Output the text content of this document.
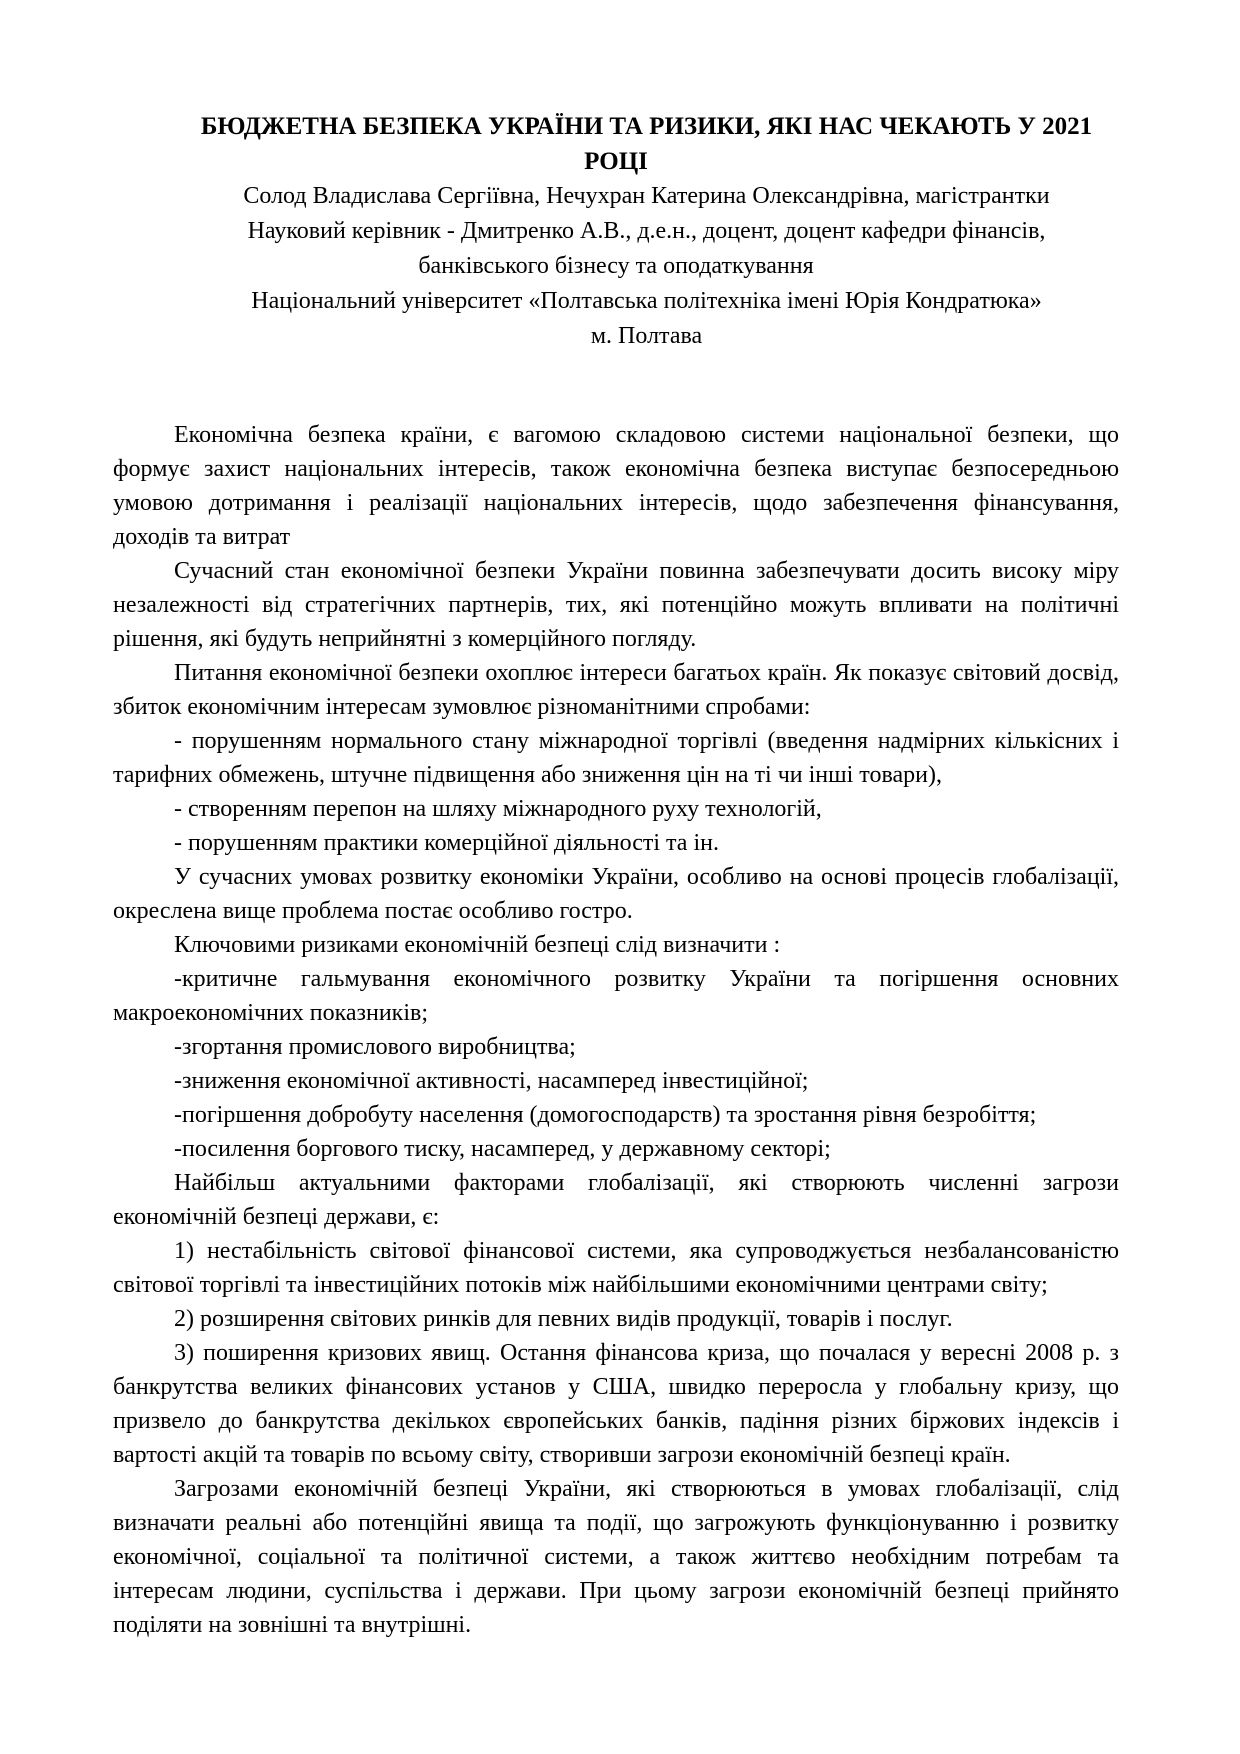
БЮДЖЕТНА БЕЗПЕКА УКРАЇНИ ТА РИЗИКИ, ЯКІ НАС ЧЕКАЮТЬ У 2021
РОЦІ
Солод Владислава Сергіївна, Нечухран Катерина Олександрівна, магістрантки
Науковий керівник - Дмитренко А.В., д.е.н., доцент, доцент кафедри фінансів,
банківського бізнесу та оподаткування
Національний університет «Полтавська політехніка імені Юрія Кондратюка»
м. Полтава

Економічна безпека країни, є вагомою складовою системи національної безпеки, що формує захист національних інтересів, також економічна безпека виступає безпосередньою умовою дотримання і реалізації національних інтересів, щодо забезпечення фінансування, доходів та витрат

Сучасний стан економічної безпеки України повинна забезпечувати досить високу міру незалежності від стратегічних партнерів, тих, які потенційно можуть впливати на політичні рішення, які будуть неприйнятні з комерційного погляду.

Питання економічної безпеки охоплює інтереси багатьох країн. Як показує світовий досвід, збиток економічним інтересам зумовлює різноманітними спробами:

- порушенням нормального стану міжнародної торгівлі (введення надмірних кількісних і тарифних обмежень, штучне підвищення або зниження цін на ті чи інші товари),

- створенням перепон на шляху міжнародного руху технологій,

- порушенням практики комерційної діяльності та ін.

У сучасних умовах розвитку економіки України, особливо на основі процесів глобалізації, окреслена вище проблема постає особливо гостро.

Ключовими ризиками економічній безпеці слід визначити :

-критичне гальмування економічного розвитку України та погіршення основних макроекономічних показників;

-згортання промислового виробництва;

-зниження економічної активності, насамперед інвестиційної;

-погіршення добробуту населення (домогосподарств) та зростання рівня безробіття;

-посилення боргового тиску, насамперед, у державному секторі;

Найбільш актуальними факторами глобалізації, які створюють численні загрози економічній безпеці держави, є:

1) нестабільність світової фінансової системи, яка супроводжується незбалансованістю світової торгівлі та інвестиційних потоків між найбільшими економічними центрами світу;

2) розширення світових ринків для певних видів продукції, товарів і послуг.

3) поширення кризових явищ. Остання фінансова криза, що почалася у вересні 2008 р. з банкрутства великих фінансових установ у США, швидко переросла у глобальну кризу, що призвело до банкрутства декількох європейських банків, падіння різних біржових індексів і вартості акцій та товарів по всьому світу, створивши загрози економічній безпеці країн.

Загрозами економічній безпеці України, які створюються в умовах глобалізації, слід визначати реальні або потенційні явища та події, що загрожують функціонуванню і розвитку економічної, соціальної та політичної системи, а також життєво необхідним потребам та інтересам людини, суспільства і держави. При цьому загрози економічній безпеці прийнято поділяти на зовнішні та внутрішні.
